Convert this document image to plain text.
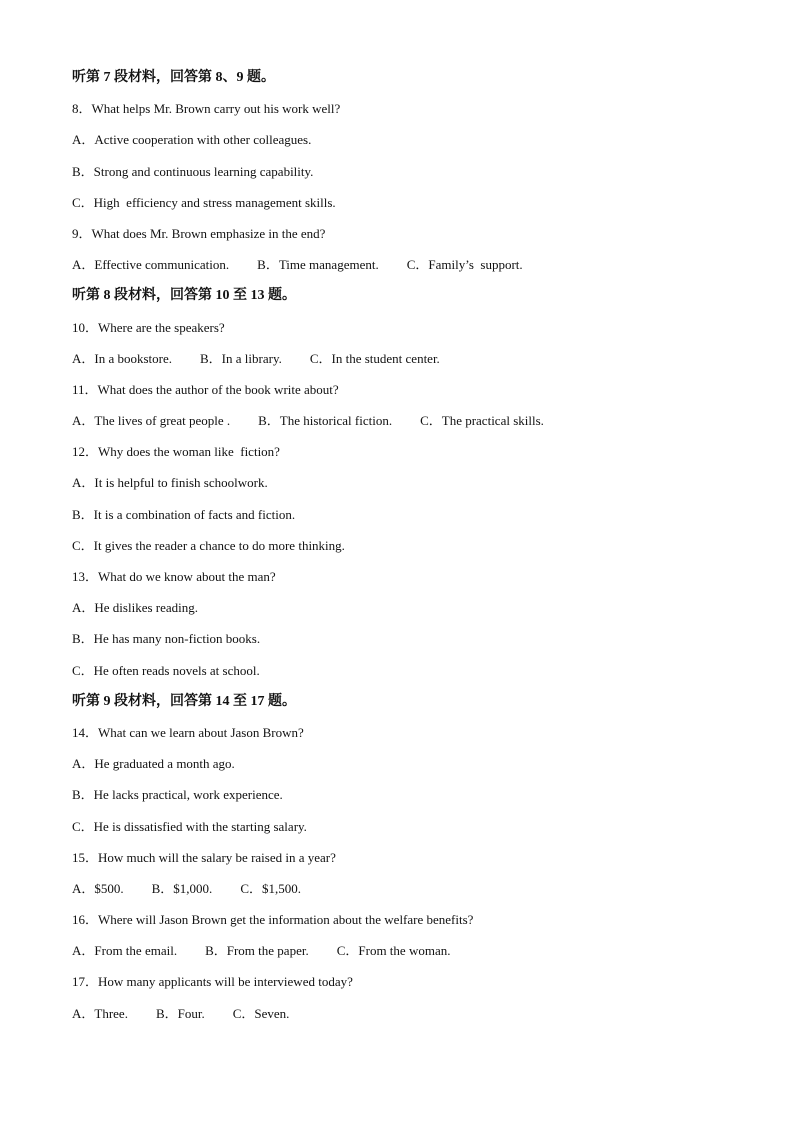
听第 7 段材料，回答第 8、9 题。
8．What helps Mr. Brown carry out his work well?
A．Active cooperation with other colleagues.
B．Strong and continuous learning capability.
C．High  efficiency and stress management skills.
9．What does Mr. Brown emphasize in the end?
A．Effective communication. B．Time management. C．Family’s  support.
听第 8 段材料，回答第 10 至 13 题。
10．Where are the speakers?
A．In a bookstore. B．In a library. C．In the student center.
11．What does the author of the book write about?
A．The lives of great people . B．The historical fiction. C．The practical skills.
12．Why does the woman like  fiction?
A．It is helpful to finish schoolwork.
B．It is a combination of facts and fiction.
C．It gives the reader a chance to do more thinking.
13．What do we know about the man?
A．He dislikes reading.
B．He has many non-fiction books.
C．He often reads novels at school.
听第 9 段材料，回答第 14 至 17 题。
14．What can we learn about Jason Brown?
A．He graduated a month ago.
B．He lacks practical, work experience.
C．He is dissatisfied with the starting salary.
15．How much will the salary be raised in a year?
A．$500. B．$1,000. C．$1,500.
16．Where will Jason Brown get the information about the welfare benefits?
A．From the email. B．From the paper. C．From the woman.
17．How many applicants will be interviewed today?
A．Three. B．Four. C．Seven.
